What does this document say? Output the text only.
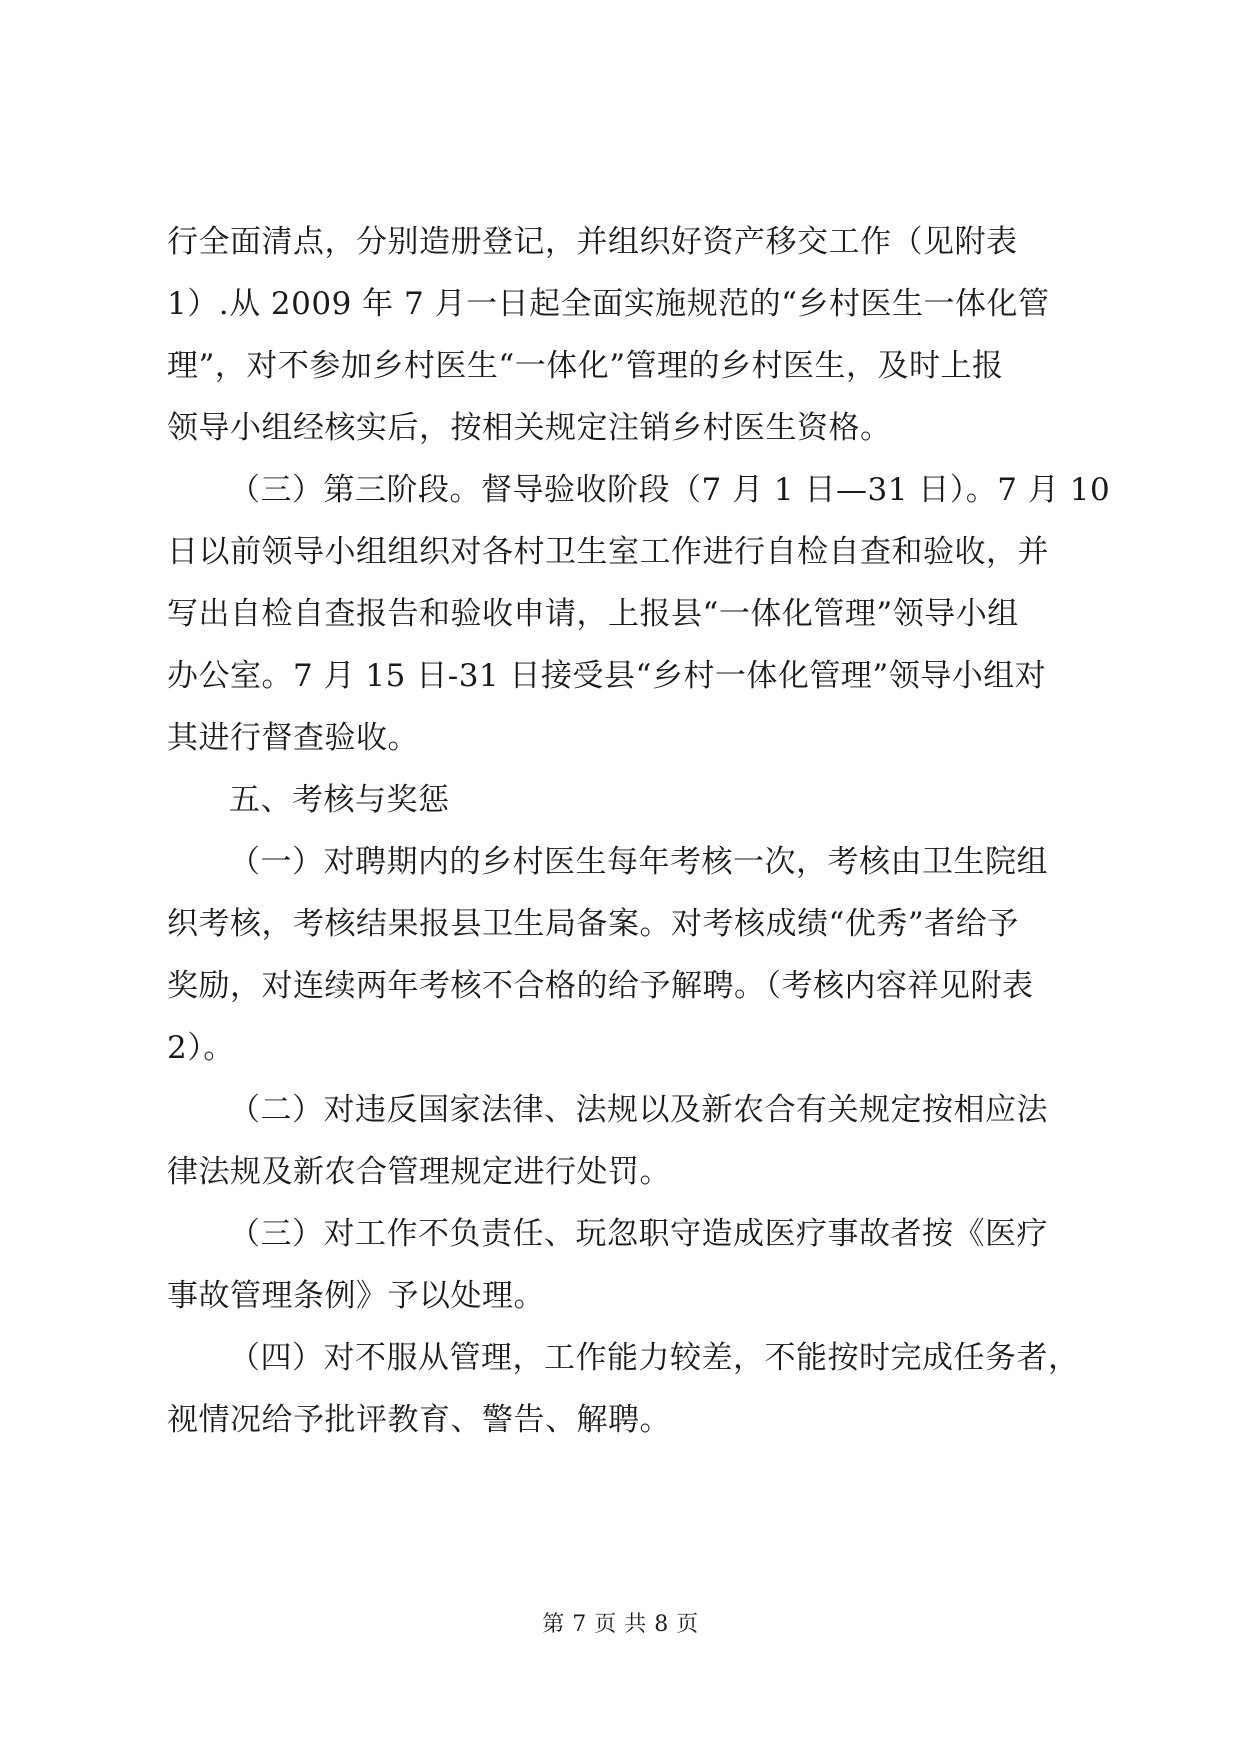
行全面清点，分别造册登记，并组织好资产移交工作（见附表
1）.从 2009 年 7 月一日起全面实施规范的“乡村医生一体化管
理”，对不参加乡村医生“一体化”管理的乡村医生，及时上报
领导小组经核实后，按相关规定注销乡村医生资格。
（三）第三阶段。督导验收阶段（7 月 1 日—31 日）。7 月 10
日以前领导小组组织对各村卫生室工作进行自检自查和验收，并
写出自检自查报告和验收申请，上报县“一体化管理”领导小组
办公室。7 月 15 日-31 日接受县“乡村一体化管理”领导小组对
其进行督查验收。
五、考核与奖惩
（一）对聘期内的乡村医生每年考核一次，考核由卫生院组
织考核，考核结果报县卫生局备案。对考核成绩“优秀”者给予
奖励，对连续两年考核不合格的给予解聘。（考核内容祥见附表
2）。
（二）对违反国家法律、法规以及新农合有关规定按相应法
律法规及新农合管理规定进行处罚。
（三）对工作不负责任、玩忽职守造成医疗事故者按《医疗
事故管理条例》予以处理。
（四）对不服从管理，工作能力较差，不能按时完成任务者，
视情况给予批评教育、警告、解聘。
第 7 页 共 8 页
